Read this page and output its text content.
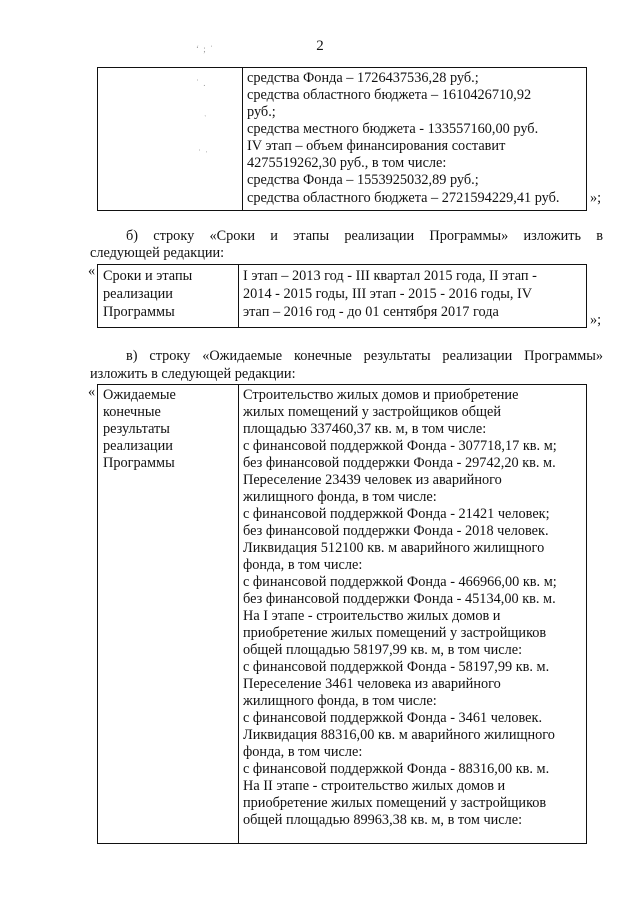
2
ʻ ; ˈ
˙ .
ˑ
˙ ˑ
средства Фонда – 1726437536,28 руб.;
средства областного бюджета – 1610426710,92
руб.;
средства местного бюджета - 133557160,00 руб.
IV этап – объем финансирования составит
4275519262,30 руб., в том числе:
средства Фонда – 1553925032,89 руб.;
средства областного бюджета – 2721594229,41 руб. »;
б) строку «Сроки и этапы реализации Программы» изложить в
следующей редакции:
« Сроки и этапы
реализации
Программы
I этап – 2013 год - III квартал 2015 года, II этап -
2014 - 2015 годы, III этап - 2015 - 2016 годы, IV
этап – 2016 год - до 01 сентября 2017 года	»;
в) строку «Ожидаемые конечные результаты реализации Программы»
изложить в следующей редакции:
« Ожидаемые
конечные
результаты
реализации
Программы
Строительство жилых домов и приобретение
жилых помещений у застройщиков общей
площадью 337460,37 кв. м, в том числе:
с финансовой поддержкой Фонда - 307718,17 кв. м;
без финансовой поддержки Фонда - 29742,20 кв. м.
Переселение 23439 человек из аварийного
жилищного фонда, в том числе:
с финансовой поддержкой Фонда - 21421 человек;
без финансовой поддержки Фонда - 2018 человек.
Ликвидация 512100 кв. м аварийного жилищного
фонда, в том числе:
с финансовой поддержкой Фонда - 466966,00 кв. м;
без финансовой поддержки Фонда - 45134,00 кв. м.
На I этапе - строительство жилых домов и
приобретение жилых помещений у застройщиков
общей площадью 58197,99 кв. м, в том числе:
с финансовой поддержкой Фонда - 58197,99 кв. м.
Переселение 3461 человека из аварийного
жилищного фонда, в том числе:
с финансовой поддержкой Фонда - 3461 человек.
Ликвидация 88316,00 кв. м аварийного жилищного
фонда, в том числе:
с финансовой поддержкой Фонда - 88316,00 кв. м.
На II этапе - строительство жилых домов и
приобретение жилых помещений у застройщиков
общей площадью 89963,38 кв. м, в том числе:
